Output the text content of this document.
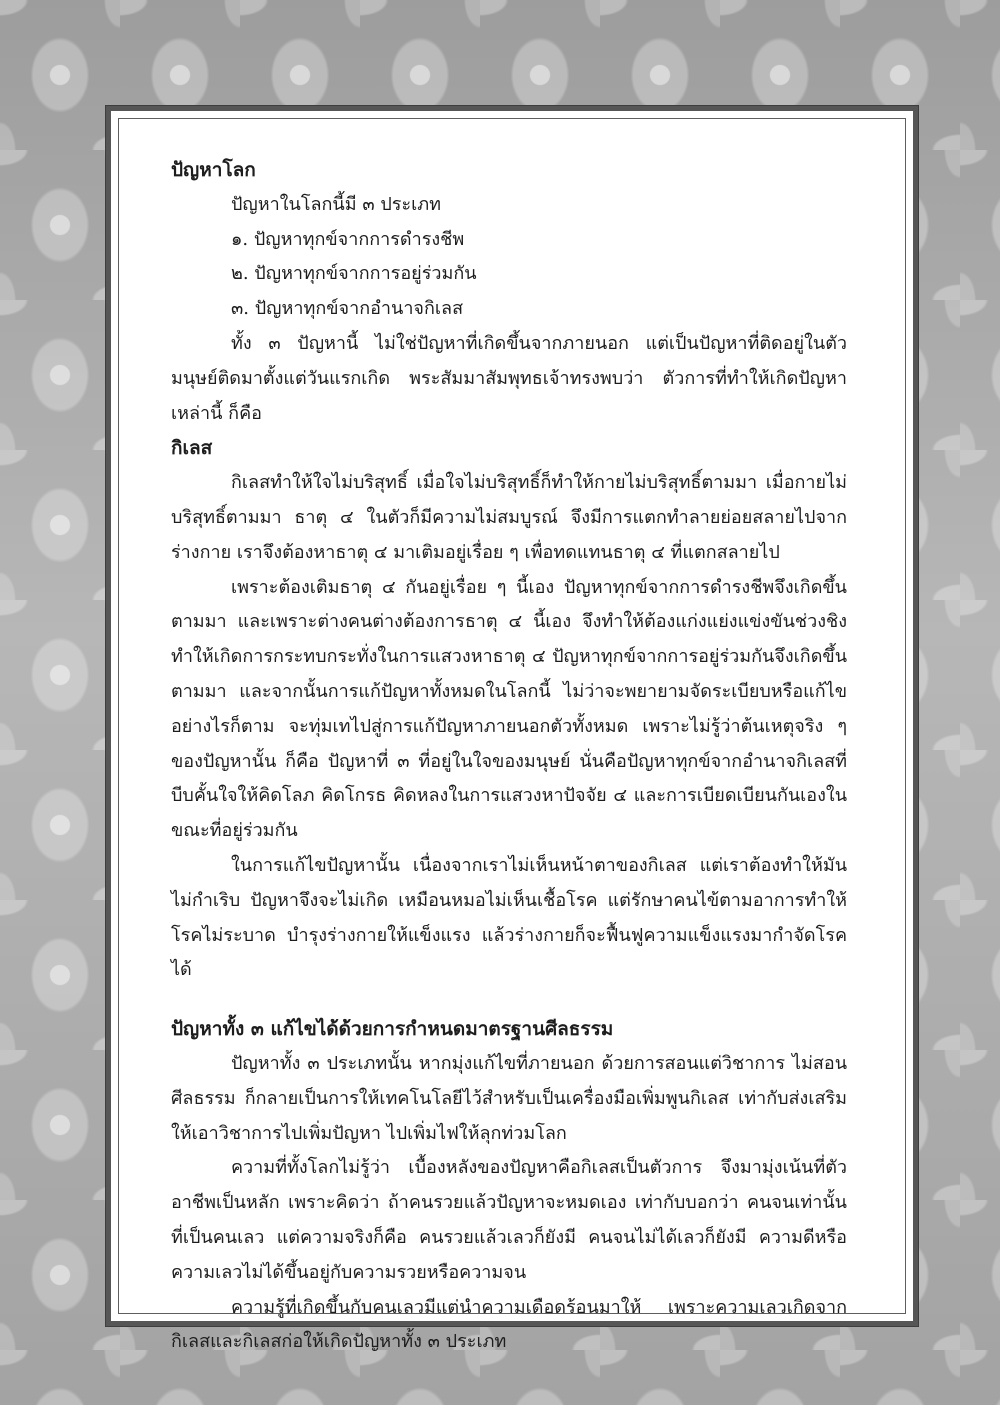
ปัญหาโลก
ปัญหาในโลกนี้มี ๓ ประเภท
๑. ปัญหาทุกข์จากการดำรงชีพ
๒. ปัญหาทุกข์จากการอยู่ร่วมกัน
๓. ปัญหาทุกข์จากอำนาจกิเลส

ทั้ง ๓ ปัญหานี้ ไม่ใช่ปัญหาที่เกิดขึ้นจากภายนอก แต่เป็นปัญหาที่ติดอยู่ในตัวมนุษย์ติดมาตั้งแต่วันแรกเกิด พระสัมมาสัมพุทธเจ้าทรงพบว่า ตัวการที่ทำให้เกิดปัญหาเหล่านี้ ก็คือ

กิเลส

กิเลสทำให้ใจไม่บริสุทธิ์ เมื่อใจไม่บริสุทธิ์ก็ทำให้กายไม่บริสุทธิ์ตามมา เมื่อกายไม่บริสุทธิ์ตามมา ธาตุ ๔ ในตัวก็มีความไม่สมบูรณ์ จึงมีการแตกทำลายย่อยสลายไปจากร่างกาย เราจึงต้องหาธาตุ ๔ มาเติมอยู่เรื่อย ๆ เพื่อทดแทนธาตุ ๔ ที่แตกสลายไป

เพราะต้องเติมธาตุ ๔ กันอยู่เรื่อย ๆ นี้เอง ปัญหาทุกข์จากการดำรงชีพจึงเกิดขึ้นตามมา และเพราะต่างคนต่างต้องการธาตุ ๔ นี้เอง จึงทำให้ต้องแก่งแย่งแข่งขันช่วงชิงทำให้เกิดการกระทบกระทั่งในการแสวงหาธาตุ ๔ ปัญหาทุกข์จากการอยู่ร่วมกันจึงเกิดขึ้นตามมา และจากนั้นการแก้ปัญหาทั้งหมดในโลกนี้ ไม่ว่าจะพยายามจัดระเบียบหรือแก้ไขอย่างไรก็ตาม จะทุ่มเทไปสู่การแก้ปัญหาภายนอกตัวทั้งหมด เพราะไม่รู้ว่าต้นเหตุจริง ๆ ของปัญหานั้น ก็คือ ปัญหาที่ ๓ ที่อยู่ในใจของมนุษย์ นั่นคือปัญหาทุกข์จากอำนาจกิเลสที่บีบคั้นใจให้คิดโลภ คิดโกรธ คิดหลงในการแสวงหาปัจจัย ๔ และการเบียดเบียนกันเองในขณะที่อยู่ร่วมกัน

ในการแก้ไขปัญหานั้น เนื่องจากเราไม่เห็นหน้าตาของกิเลส แต่เราต้องทำให้มันไม่กำเริบ ปัญหาจึงจะไม่เกิด เหมือนหมอไม่เห็นเชื้อโรค แต่รักษาคนไข้ตามอาการทำให้โรคไม่ระบาด บำรุงร่างกายให้แข็งแรง แล้วร่างกายก็จะฟื้นฟูความแข็งแรงมากำจัดโรคได้

ปัญหาทั้ง ๓ แก้ไขได้ด้วยการกำหนดมาตรฐานศีลธรรม

ปัญหาทั้ง ๓ ประเภทนั้น หากมุ่งแก้ไขที่ภายนอก ด้วยการสอนแต่วิชาการ ไม่สอนศีลธรรม ก็กลายเป็นการให้เทคโนโลยีไว้สำหรับเป็นเครื่องมือเพิ่มพูนกิเลส เท่ากับส่งเสริมให้เอาวิชาการไปเพิ่มปัญหา ไปเพิ่มไฟให้ลุกท่วมโลก

ความที่ทั้งโลกไม่รู้ว่า เบื้องหลังของปัญหาคือกิเลสเป็นตัวการ จึงมามุ่งเน้นที่ตัวอาชีพเป็นหลัก เพราะคิดว่า ถ้าคนรวยแล้วปัญหาจะหมดเอง เท่ากับบอกว่า คนจนเท่านั้นที่เป็นคนเลว แต่ความจริงก็คือ คนรวยแล้วเลวก็ยังมี คนจนไม่ได้เลวก็ยังมี ความดีหรือความเลวไม่ได้ขึ้นอยู่กับความรวยหรือความจน

ความรู้ที่เกิดขึ้นกับคนเลวมีแต่นำความเดือดร้อนมาให้ เพราะความเลวเกิดจากกิเลสและกิเลสก่อให้เกิดปัญหาทั้ง ๓ ประเภท
